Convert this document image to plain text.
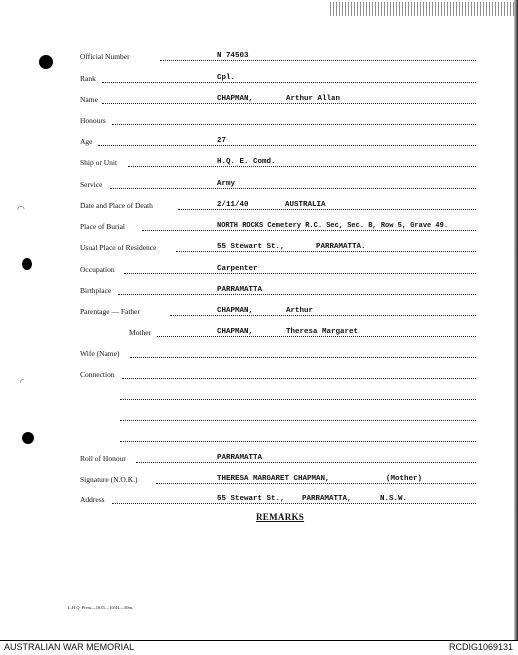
◠
◜
Official Number	N 74503
Rank	Cpl.
Name	CHAPMAN,	Arthur Allan
Honours
Age	27
Ship or Unit	H.Q. E. Comd.
Service	Army
Date and Place of Death	2/11/40	AUSTRALIA
Place of Burial	NORTH ROCKS Cemetery R.C. Sec, Sec. B, Row 5, Grave 49.
Usual Place of Residence	55 Stewart St.,	PARRAMATTA.
Occupation	Carpenter
Birthplace	PARRAMATTA
Parentage — Father	CHAPMAN,	Arthur
Mother	CHAPMAN,	Theresa Margaret
Wife (Name)
Connection
Roll of Honour	PARRAMATTA
Signature (N.O.K.)	THERESA MARGARET CHAPMAN,	(Mother)
Address	55 Stewart St., PARRAMATTA,	N.S.W.
REMARKS
L.H.Q. Press—1635—10/44—30m.
AUSTRALIAN WAR MEMORIAL	RCDIG1069131
